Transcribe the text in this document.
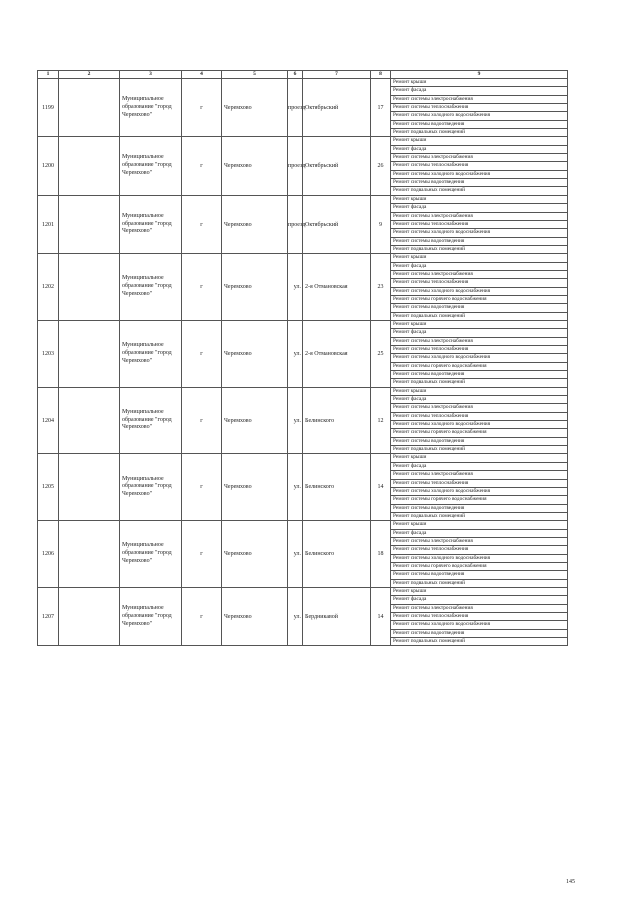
1	2	3	4	5	6	7	8	9
1199		Муниципальное образование "город Черемхово"	г	Черемхово	проезд	Октябрьский	17	Ремонт крыши
								Ремонт фасада
								Ремонт системы электроснабжения
								Ремонт системы теплоснабжения
								Ремонт системы холодного водоснабжения
								Ремонт системы водоотведения
								Ремонт подвальных помещений
1200		Муниципальное образование "город Черемхово"	г	Черемхово	проезд	Октябрьский	26	Ремонт крыши
								Ремонт фасада
								Ремонт системы электроснабжения
								Ремонт системы теплоснабжения
								Ремонт системы холодного водоснабжения
								Ремонт системы водоотведения
								Ремонт подвальных помещений
1201		Муниципальное образование "город Черемхово"	г	Черемхово	проезд	Октябрьский	9	Ремонт крыши
								Ремонт фасада
								Ремонт системы электроснабжения
								Ремонт системы теплоснабжения
								Ремонт системы холодного водоснабжения
								Ремонт системы водоотведения
								Ремонт подвальных помещений
1202		Муниципальное образование "город Черемхово"	г	Черемхово	ул.	2-я Отмановская	23	Ремонт крыши
								Ремонт фасада
								Ремонт системы электроснабжения
								Ремонт системы теплоснабжения
								Ремонт системы холодного водоснабжения
								Ремонт системы горячего водоснабжения
								Ремонт системы водоотведения
								Ремонт подвальных помещений
1203		Муниципальное образование "город Черемхово"	г	Черемхово	ул.	2-я Отмановская	25	Ремонт крыши
								Ремонт фасада
								Ремонт системы электроснабжения
								Ремонт системы теплоснабжения
								Ремонт системы холодного водоснабжения
								Ремонт системы горячего водоснабжения
								Ремонт системы водоотведения
								Ремонт подвальных помещений
1204		Муниципальное образование "город Черемхово"	г	Черемхово	ул.	Белинского	12	Ремонт крыши
								Ремонт фасада
								Ремонт системы электроснабжения
								Ремонт системы теплоснабжения
								Ремонт системы холодного водоснабжения
								Ремонт системы горячего водоснабжения
								Ремонт системы водоотведения
								Ремонт подвальных помещений
1205		Муниципальное образование "город Черемхово"	г	Черемхово	ул.	Белинского	14	Ремонт крыши
								Ремонт фасада
								Ремонт системы электроснабжения
								Ремонт системы теплоснабжения
								Ремонт системы холодного водоснабжения
								Ремонт системы горячего водоснабжения
								Ремонт системы водоотведения
								Ремонт подвальных помещений
1206		Муниципальное образование "город Черемхово"	г	Черемхово	ул.	Белинского	18	Ремонт крыши
								Ремонт фасада
								Ремонт системы электроснабжения
								Ремонт системы теплоснабжения
								Ремонт системы холодного водоснабжения
								Ремонт системы горячего водоснабжения
								Ремонт системы водоотведения
								Ремонт подвальных помещений
1207		Муниципальное образование "город Черемхово"	г	Черемхово	ул.	Бердникавой	14	Ремонт крыши
								Ремонт фасада
								Ремонт системы электроснабжения
								Ремонт системы теплоснабжения
								Ремонт системы холодного водоснабжения
								Ремонт системы водоотведения
								Ремонт подвальных помещений
145
